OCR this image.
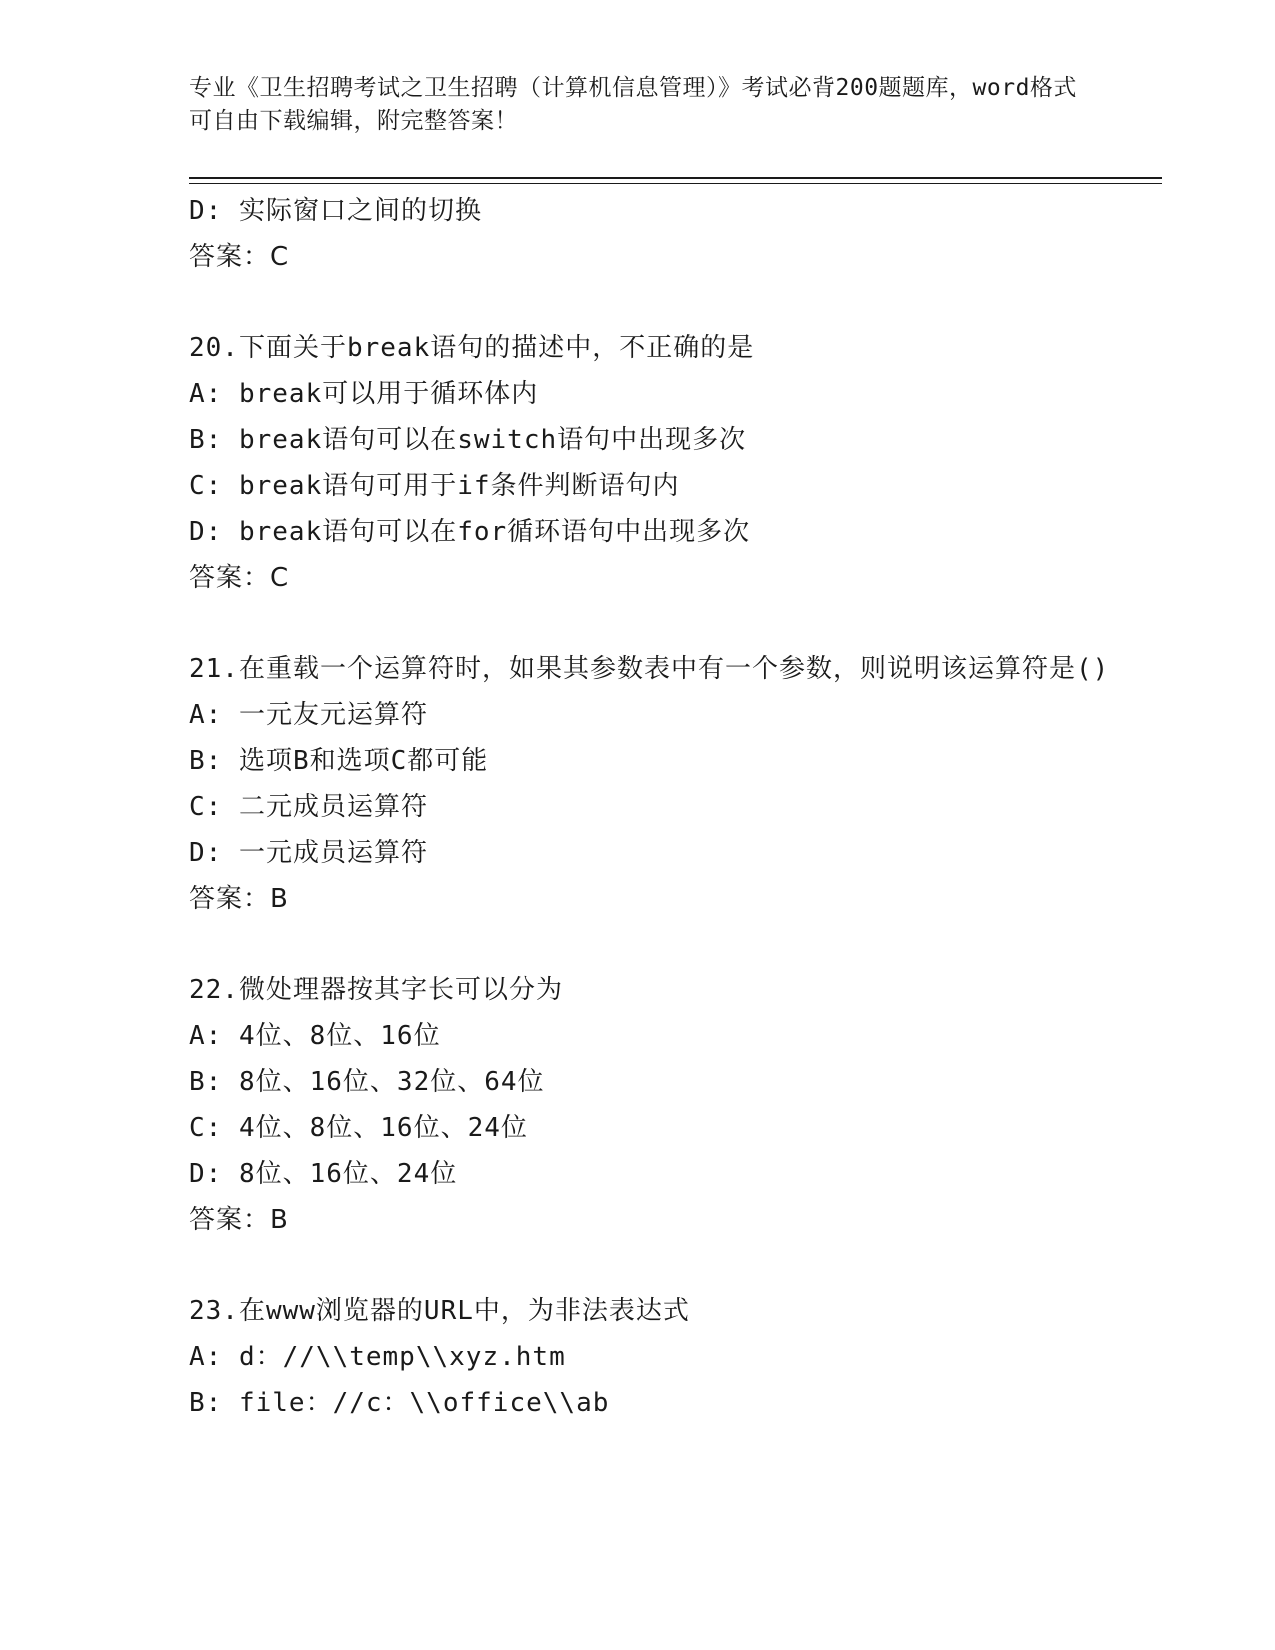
专业《卫生招聘考试之卫生招聘（计算机信息管理）》考试必背200题题库，word格式可自由下载编辑，附完整答案！
D: 实际窗口之间的切换
答案：C
20.下面关于break语句的描述中，不正确的是
A: break可以用于循环体内
B: break语句可以在switch语句中出现多次
C: break语句可用于if条件判断语句内
D: break语句可以在for循环语句中出现多次
答案：C
21.在重载一个运算符时，如果其参数表中有一个参数，则说明该运算符是()
A: 一元友元运算符
B: 选项B和选项C都可能
C: 二元成员运算符
D: 一元成员运算符
答案：B
22.微处理器按其字长可以分为
A: 4位、8位、16位
B: 8位、16位、32位、64位
C: 4位、8位、16位、24位
D: 8位、16位、24位
答案：B
23.在www浏览器的URL中，为非法表达式
A: d：//\\temp\\xyz.htm
B: file：//c：\\office\\ab
